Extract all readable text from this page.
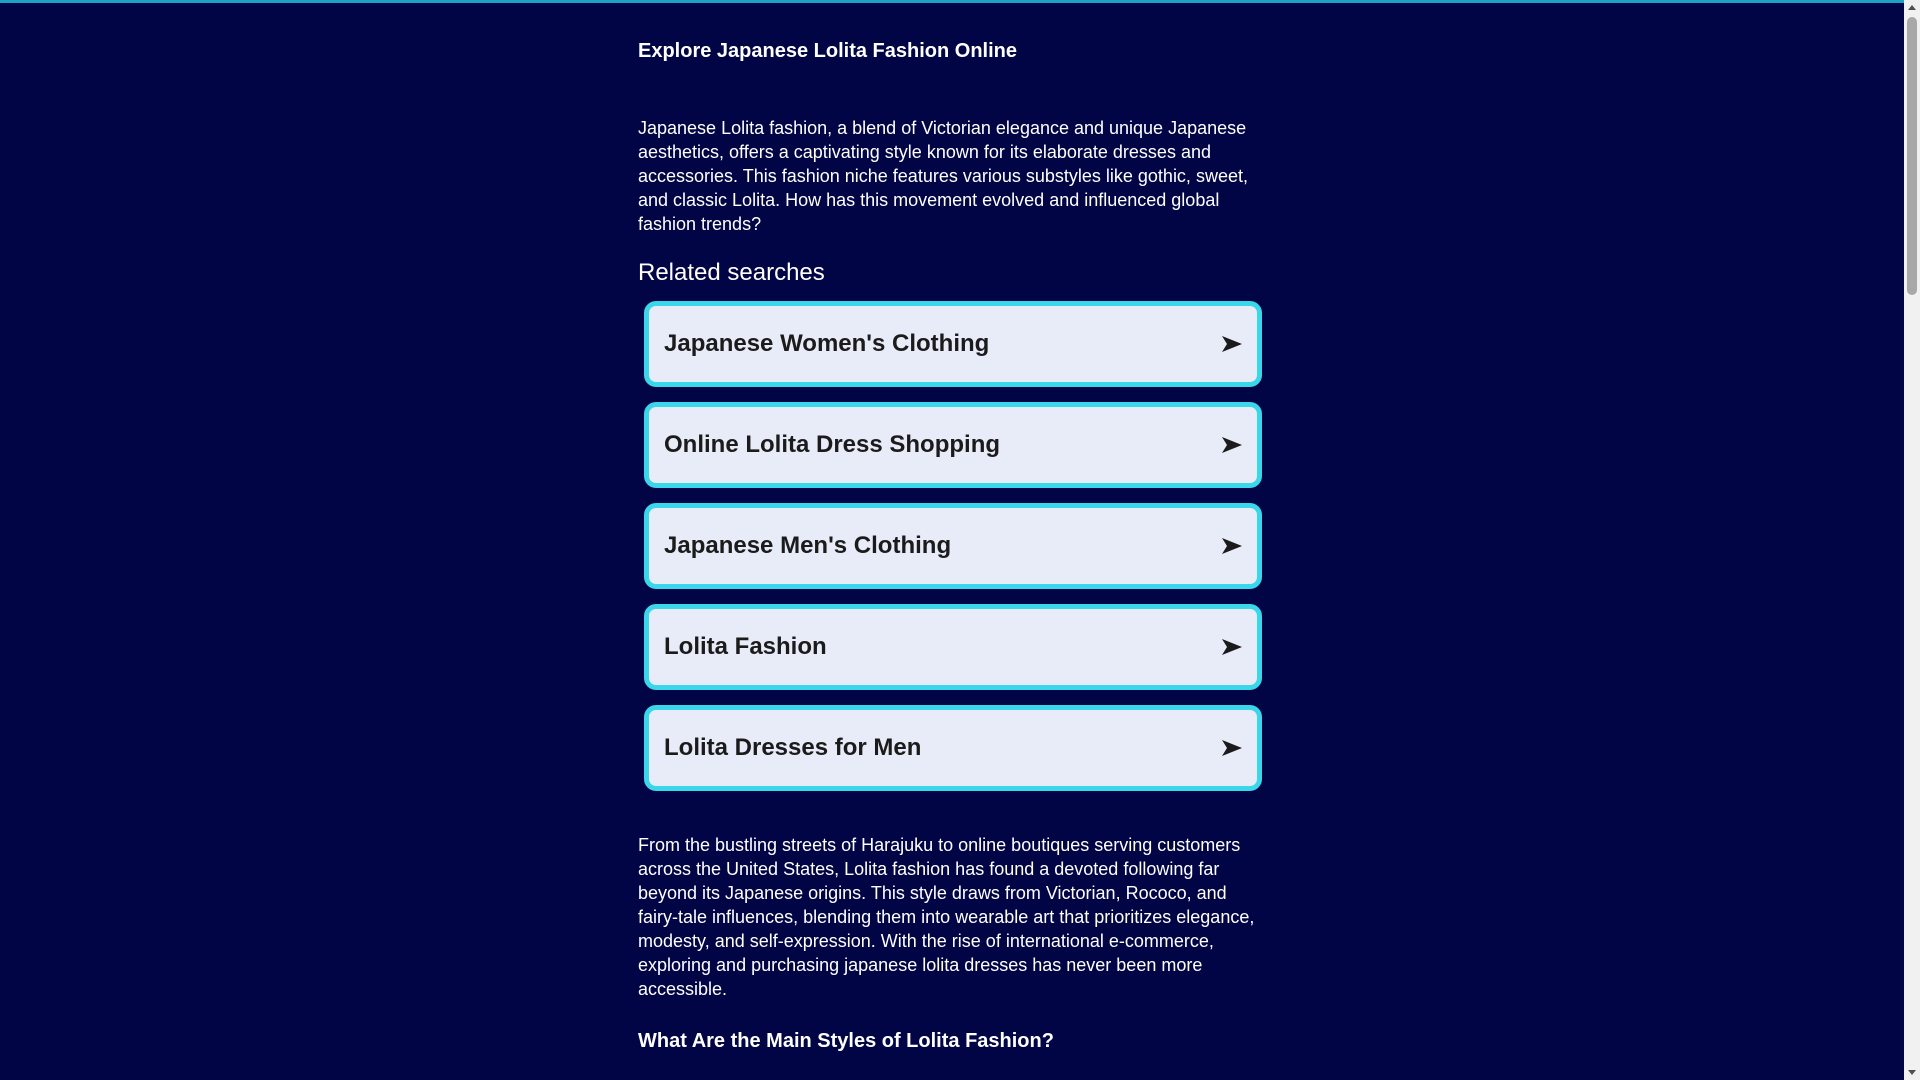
Explore Japanese Lolita Fashion Online

Japanese Lolita fashion, a blend of Victorian elegance and unique Japanese aesthetics, offers a captivating style known for its elaborate dresses and accessories. This fashion niche features various substyles like gothic, sweet, and classic Lolita. How has this movement evolved and influenced global fashion trends?

Related searches
Japanese Women's Clothing
Online Lolita Dress Shopping
Japanese Men's Clothing
Lolita Fashion
Lolita Dresses for Men

From the bustling streets of Harajuku to online boutiques serving customers across the United States, Lolita fashion has found a devoted following far beyond its Japanese origins. This style draws from Victorian, Rococo, and fairy-tale influences, blending them into wearable art that prioritizes elegance, modesty, and self-expression. With the rise of international e-commerce, exploring and purchasing japanese lolita dresses has never been more accessible.

What Are the Main Styles of Lolita Fashion?
